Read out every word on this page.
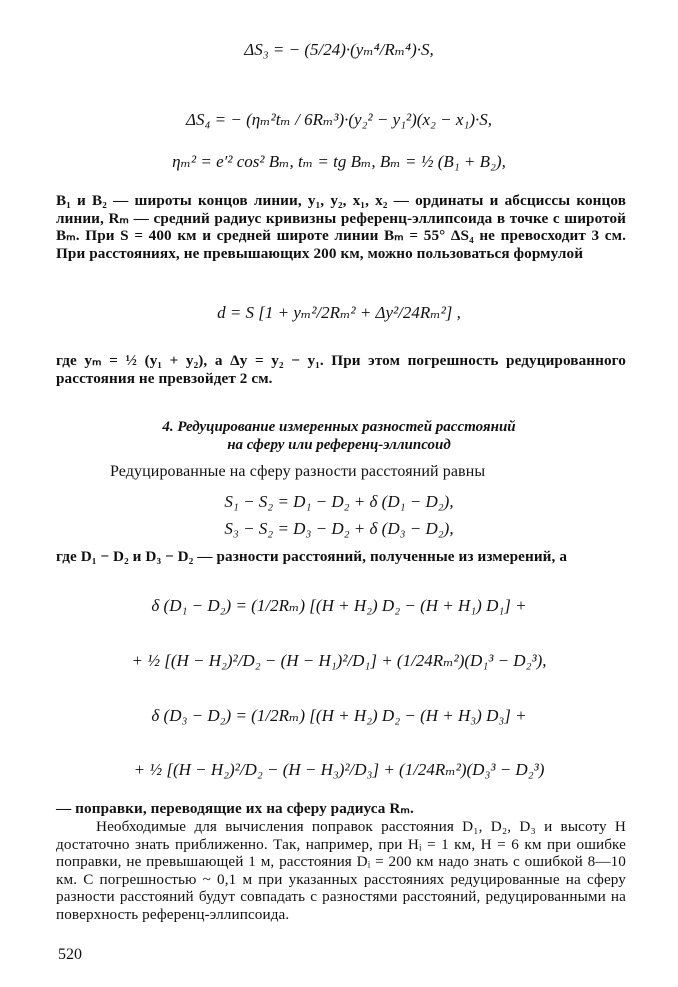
ΔS₃ = − (5/24)·(yₘ⁴/Rₘ⁴)·S,
ΔS₄ = − (ηₘ²tₘ / 6Rₘ³)·(y₂² − y₁²)(x₂ − x₁)·S,
ηₘ² = e′² cos² Bₘ, tₘ = tg Bₘ, Bₘ = ½ (B₁ + B₂),
B₁ и B₂ — широты концов линии, y₁, y₂, x₁, x₂ — ординаты и абсциссы концов линии, Rₘ — средний радиус кривизны референц-эллипсоида в точке с широтой Bₘ. При S = 400 км и средней широте линии Bₘ = 55° ΔS₄ не превосходит 3 см. При расстояниях, не превышающих 200 км, можно пользоваться формулой
d = S [1 + yₘ²/2Rₘ² + Δy²/24Rₘ²] ,
где yₘ = ½ (y₁ + y₂), а Δy = y₂ − y₁. При этом погрешность редуцированного расстояния не превзойдет 2 см.
4. Редуцирование измеренных разностей расстояний
на сферу или референц-эллипсоид
Редуцированные на сферу разности расстояний равны
S₁ − S₂ = D₁ − D₂ + δ (D₁ − D₂),
S₃ − S₂ = D₃ − D₂ + δ (D₃ − D₂),
где D₁ − D₂ и D₃ − D₂ — разности расстояний, полученные из измерений, а
δ (D₁ − D₂) = (1/2Rₘ) [(H + H₂) D₂ − (H + H₁) D₁] +
+ ½ [(H − H₂)²/D₂ − (H − H₁)²/D₁] + (1/24Rₘ²)(D₁³ − D₂³),
δ (D₃ − D₂) = (1/2Rₘ) [(H + H₂) D₂ − (H + H₃) D₃] +
+ ½ [(H − H₂)²/D₂ − (H − H₃)²/D₃] + (1/24Rₘ²)(D₃³ − D₂³)
— поправки, переводящие их на сферу радиуса Rₘ.
Необходимые для вычисления поправок расстояния D₁, D₂, D₃ и высоту H достаточно знать приближенно. Так, например, при Hᵢ = 1 км, H = 6 км при ошибке поправки, не превышающей 1 м, расстояния Dᵢ = 200 км надо знать с ошибкой 8—10 км. С погрешностью ~ 0,1 м при указанных расстояниях редуцированные на сферу разности расстояний будут совпадать с разностями расстояний, редуцированными на поверхность референц-эллипсоида.
520
